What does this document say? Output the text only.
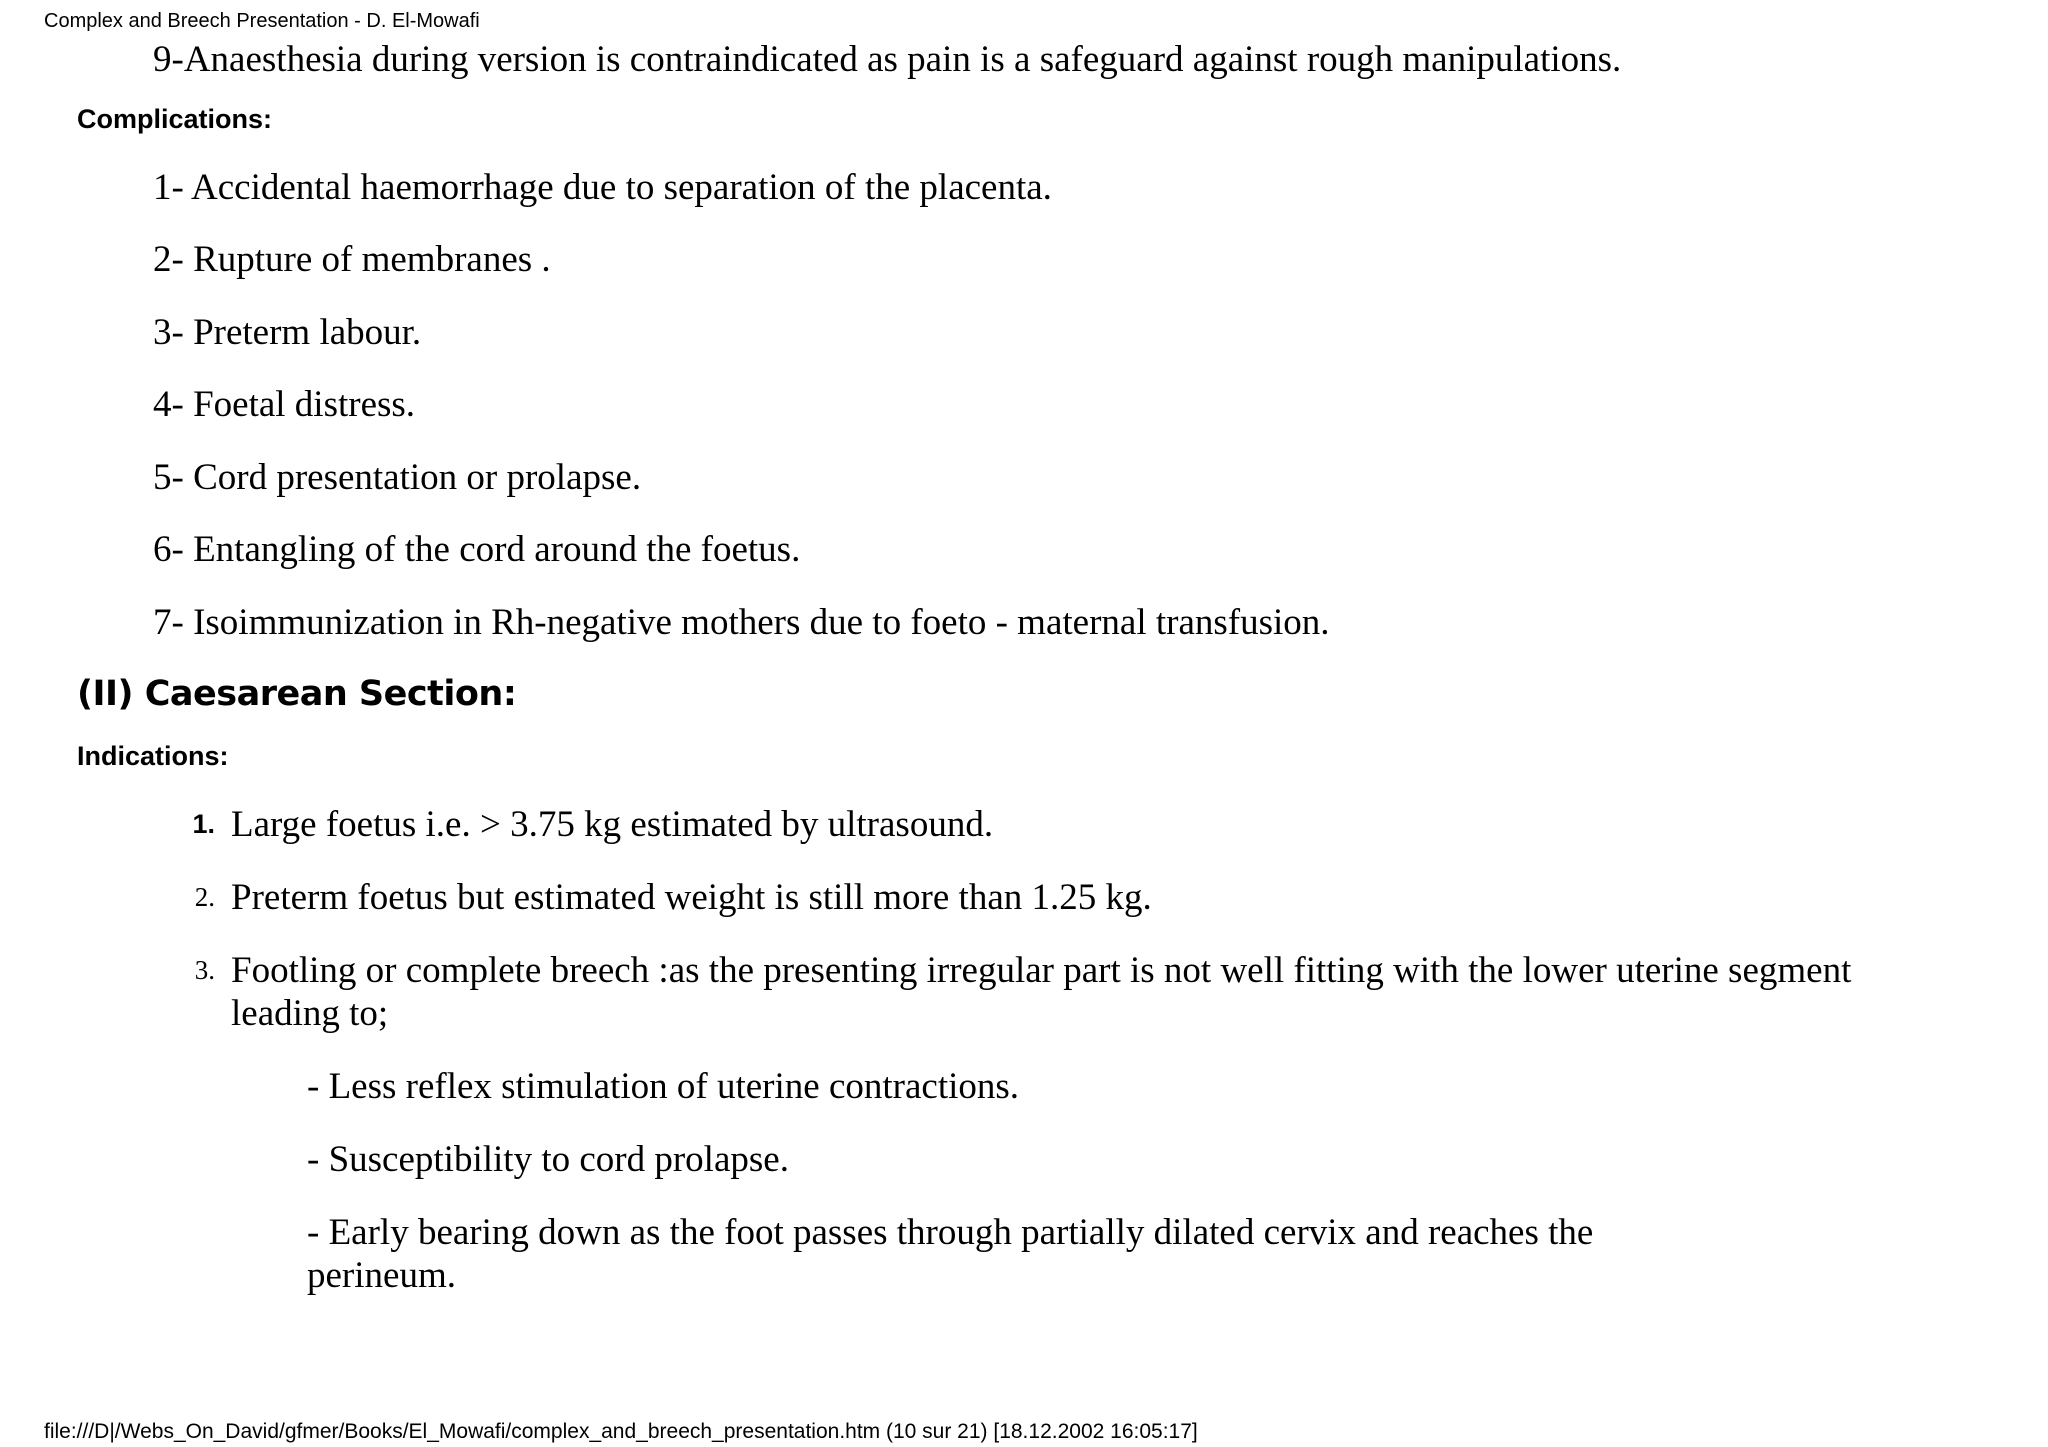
Complex and Breech Presentation - D. El-Mowafi
9-Anaesthesia during version is contraindicated as pain is a safeguard against rough manipulations.
Complications:
1- Accidental haemorrhage due to separation of the placenta.
2- Rupture of membranes .
3- Preterm labour.
4- Foetal distress.
5- Cord presentation or prolapse.
6- Entangling of the cord around the foetus.
7- Isoimmunization in Rh-negative mothers due to foeto - maternal transfusion.
(II) Caesarean Section:
Indications:
1. Large foetus i.e. > 3.75 kg estimated by ultrasound.
2. Preterm foetus but estimated weight is still more than 1.25 kg.
3. Footling or complete breech :as the presenting irregular part is not well fitting with the lower uterine segment
leading to;
- Less reflex stimulation of uterine contractions.
- Susceptibility to cord prolapse.
- Early bearing down as the foot passes through partially dilated cervix and reaches the
perineum.
file:///D|/Webs_On_David/gfmer/Books/El_Mowafi/complex_and_breech_presentation.htm (10 sur 21) [18.12.2002 16:05:17]
